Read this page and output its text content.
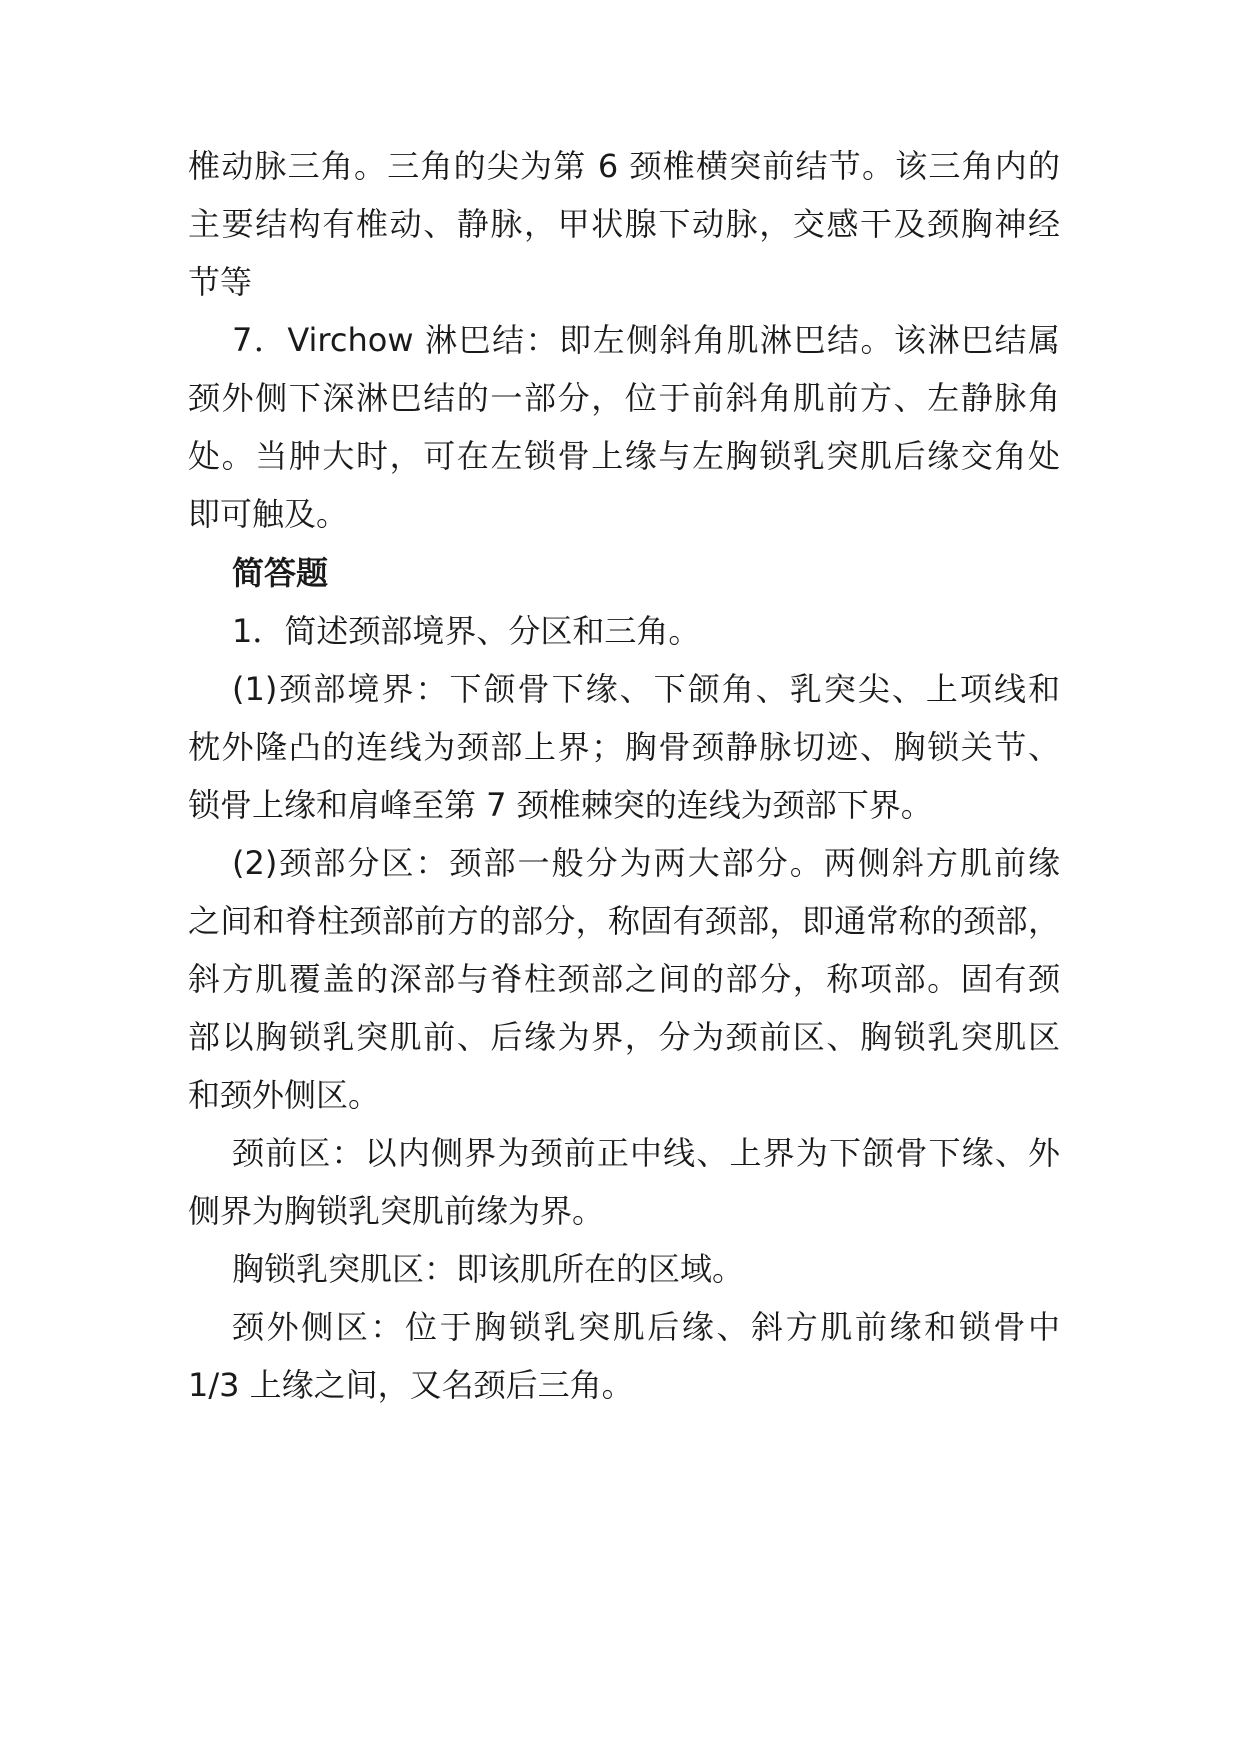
椎动脉三角。三角的尖为第 6 颈椎横突前结节。该三角内的
主要结构有椎动、静脉，甲状腺下动脉，交感干及颈胸神经
节等
7．Virchow 淋巴结：即左侧斜角肌淋巴结。该淋巴结属
颈外侧下深淋巴结的一部分，位于前斜角肌前方、左静脉角
处。当肿大时，可在左锁骨上缘与左胸锁乳突肌后缘交角处
即可触及。
简答题
1．简述颈部境界、分区和三角。
(1)颈部境界：下颌骨下缘、下颌角、乳突尖、上项线和
枕外隆凸的连线为颈部上界；胸骨颈静脉切迹、胸锁关节、
锁骨上缘和肩峰至第 7 颈椎棘突的连线为颈部下界。
(2)颈部分区：颈部一般分为两大部分。两侧斜方肌前缘
之间和脊柱颈部前方的部分，称固有颈部，即通常称的颈部，
斜方肌覆盖的深部与脊柱颈部之间的部分，称项部。固有颈
部以胸锁乳突肌前、后缘为界，分为颈前区、胸锁乳突肌区
和颈外侧区。
颈前区：以内侧界为颈前正中线、上界为下颌骨下缘、外
侧界为胸锁乳突肌前缘为界。
胸锁乳突肌区：即该肌所在的区域。
颈外侧区：位于胸锁乳突肌后缘、斜方肌前缘和锁骨中
1/3 上缘之间，又名颈后三角。
